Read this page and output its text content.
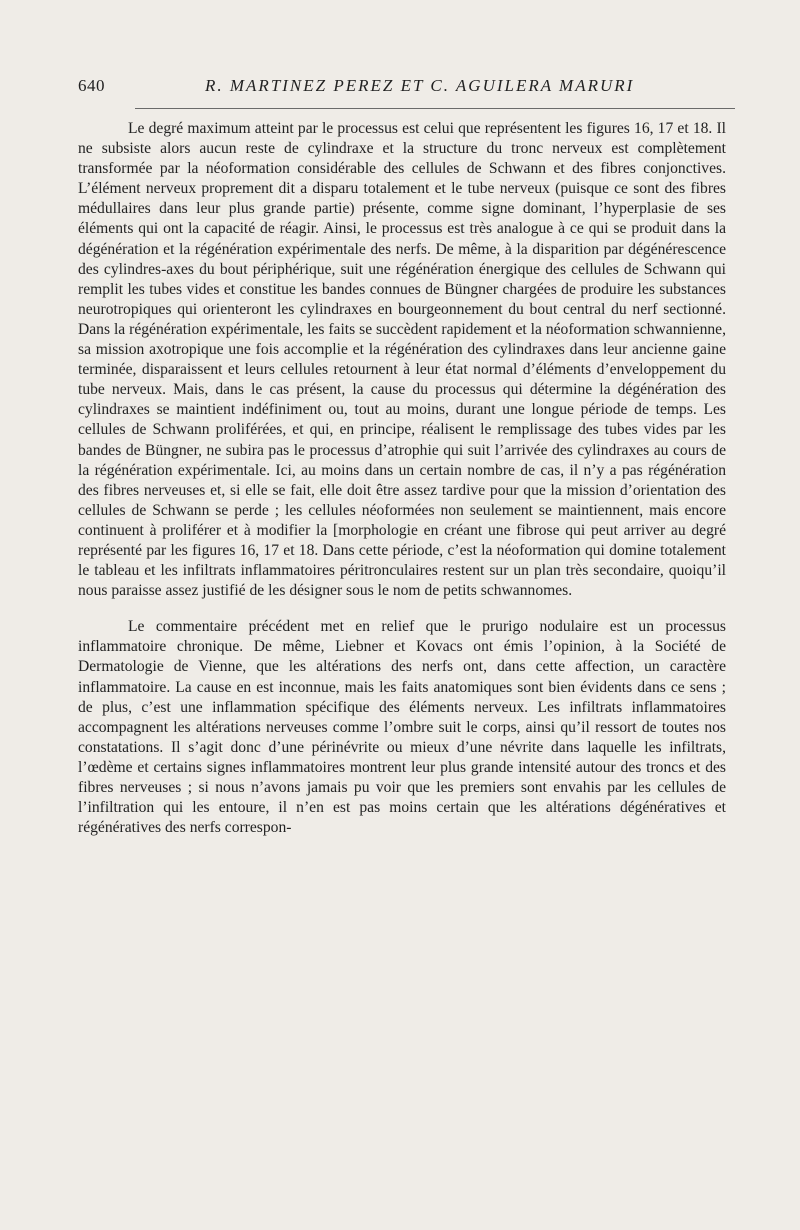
640	R. MARTINEZ PEREZ ET C. AGUILERA MARURI

Le degré maximum atteint par le processus est celui que représentent les figures 16, 17 et 18. Il ne subsiste alors aucun reste de cylindraxe et la structure du tronc nerveux est complètement transformée par la néoformation considérable des cellules de Schwann et des fibres conjonctives. L’élément nerveux proprement dit a disparu totalement et le tube nerveux (puisque ce sont des fibres médullaires dans leur plus grande partie) présente, comme signe dominant, l’hyperplasie de ses éléments qui ont la capacité de réagir. Ainsi, le processus est très analogue à ce qui se produit dans la dégénération et la régénération expérimentale des nerfs. De même, à la disparition par dégénérescence des cylindres-axes du bout périphérique, suit une régénération énergique des cellules de Schwann qui remplit les tubes vides et constitue les bandes connues de Büngner chargées de produire les substances neurotropiques qui orienteront les cylindraxes en bourgeonnement du bout central du nerf sectionné. Dans la régénération expérimentale, les faits se succèdent rapidement et la néoformation schwannienne, sa mission axotropique une fois accomplie et la régénération des cylindraxes dans leur ancienne gaine terminée, disparaissent et leurs cellules retournent à leur état normal d’éléments d’enveloppement du tube nerveux. Mais, dans le cas présent, la cause du processus qui détermine la dégénération des cylindraxes se maintient indéfiniment ou, tout au moins, durant une longue période de temps. Les cellules de Schwann proliférées, et qui, en principe, réalisent le remplissage des tubes vides par les bandes de Büngner, ne subira pas le processus d’atrophie qui suit l’arrivée des cylindraxes au cours de la régénération expérimentale. Ici, au moins dans un certain nombre de cas, il n’y a pas régénération des fibres nerveuses et, si elle se fait, elle doit être assez tardive pour que la mission d’orientation des cellules de Schwann se perde ; les cellules néoformées non seulement se maintiennent, mais encore continuent à proliférer et à modifier la [morphologie en créant une fibrose qui peut arriver au degré représenté par les figures 16, 17 et 18. Dans cette période, c’est la néoformation qui domine totalement le tableau et les infiltrats inflammatoires péritronculaires restent sur un plan très secondaire, quoiqu’il nous paraisse assez justifié de les désigner sous le nom de petits schwannomes.

Le commentaire précédent met en relief que le prurigo nodulaire est un processus inflammatoire chronique. De même, Liebner et Kovacs ont émis l’opinion, à la Société de Dermatologie de Vienne, que les altérations des nerfs ont, dans cette affection, un caractère inflammatoire. La cause en est inconnue, mais les faits anatomiques sont bien évidents dans ce sens ; de plus, c’est une inflammation spécifique des éléments nerveux. Les infiltrats inflammatoires accompagnent les altérations nerveuses comme l’ombre suit le corps, ainsi qu’il ressort de toutes nos constatations. Il s’agit donc d’une périnévrite ou mieux d’une névrite dans laquelle les infiltrats, l’œdème et certains signes inflammatoires montrent leur plus grande intensité autour des troncs et des fibres nerveuses ; si nous n’avons jamais pu voir que les premiers sont envahis par les cellules de l’infiltration qui les entoure, il n’en est pas moins certain que les altérations dégénératives et régénératives des nerfs correspon-
